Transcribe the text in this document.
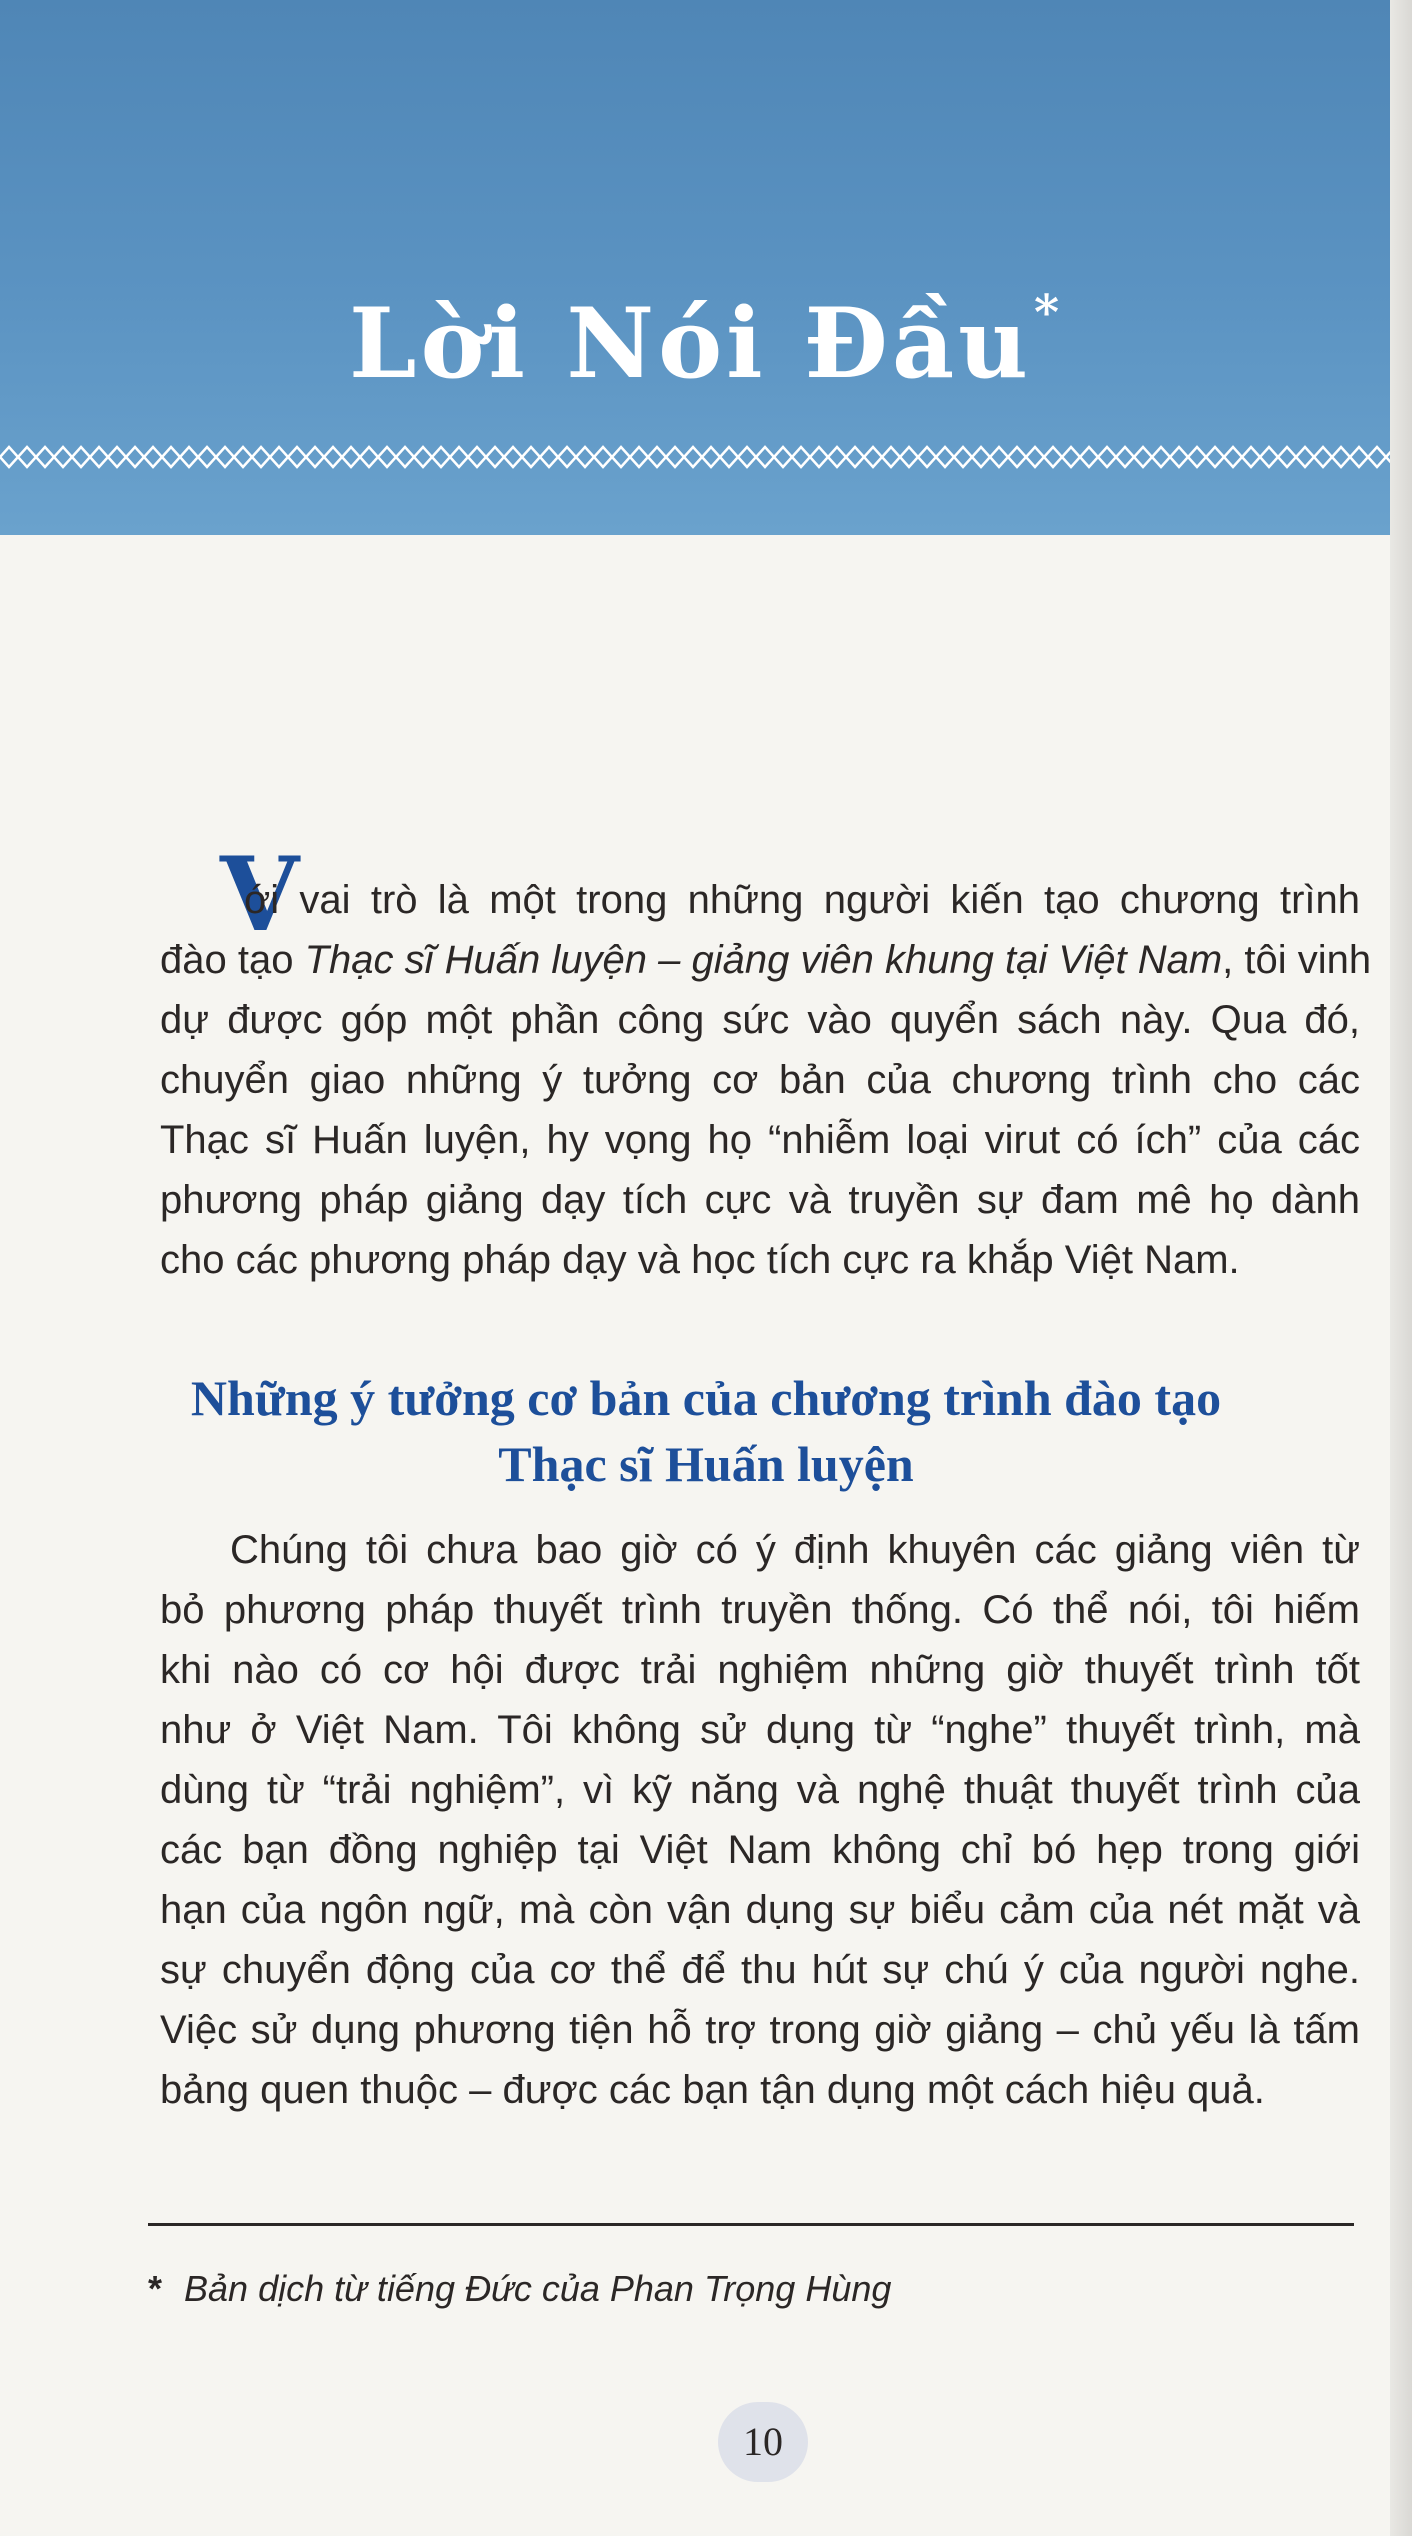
Lời Nói Đầu*
V
ới vai trò là một trong những người kiến tạo chương trình
đào tạo Thạc sĩ Huấn luyện – giảng viên khung tại Việt Nam, tôi vinh
dự được góp một phần công sức vào quyển sách này. Qua đó,
chuyển giao những ý tưởng cơ bản của chương trình cho các
Thạc sĩ Huấn luyện, hy vọng họ “nhiễm loại virut có ích” của các
phương pháp giảng dạy tích cực và truyền sự đam mê họ dành
cho các phương pháp dạy và học tích cực ra khắp Việt Nam.
Những ý tưởng cơ bản của chương trình đào tạo
Thạc sĩ Huấn luyện
Chúng tôi chưa bao giờ có ý định khuyên các giảng viên từ
bỏ phương pháp thuyết trình truyền thống. Có thể nói, tôi hiếm
khi nào có cơ hội được trải nghiệm những giờ thuyết trình tốt
như ở Việt Nam. Tôi không sử dụng từ “nghe” thuyết trình, mà
dùng từ “trải nghiệm”, vì kỹ năng và nghệ thuật thuyết trình của
các bạn đồng nghiệp tại Việt Nam không chỉ bó hẹp trong giới
hạn của ngôn ngữ, mà còn vận dụng sự biểu cảm của nét mặt và
sự chuyển động của cơ thể để thu hút sự chú ý của người nghe.
Việc sử dụng phương tiện hỗ trợ trong giờ giảng – chủ yếu là tấm
bảng quen thuộc – được các bạn tận dụng một cách hiệu quả.
* Bản dịch từ tiếng Đức của Phan Trọng Hùng
10
